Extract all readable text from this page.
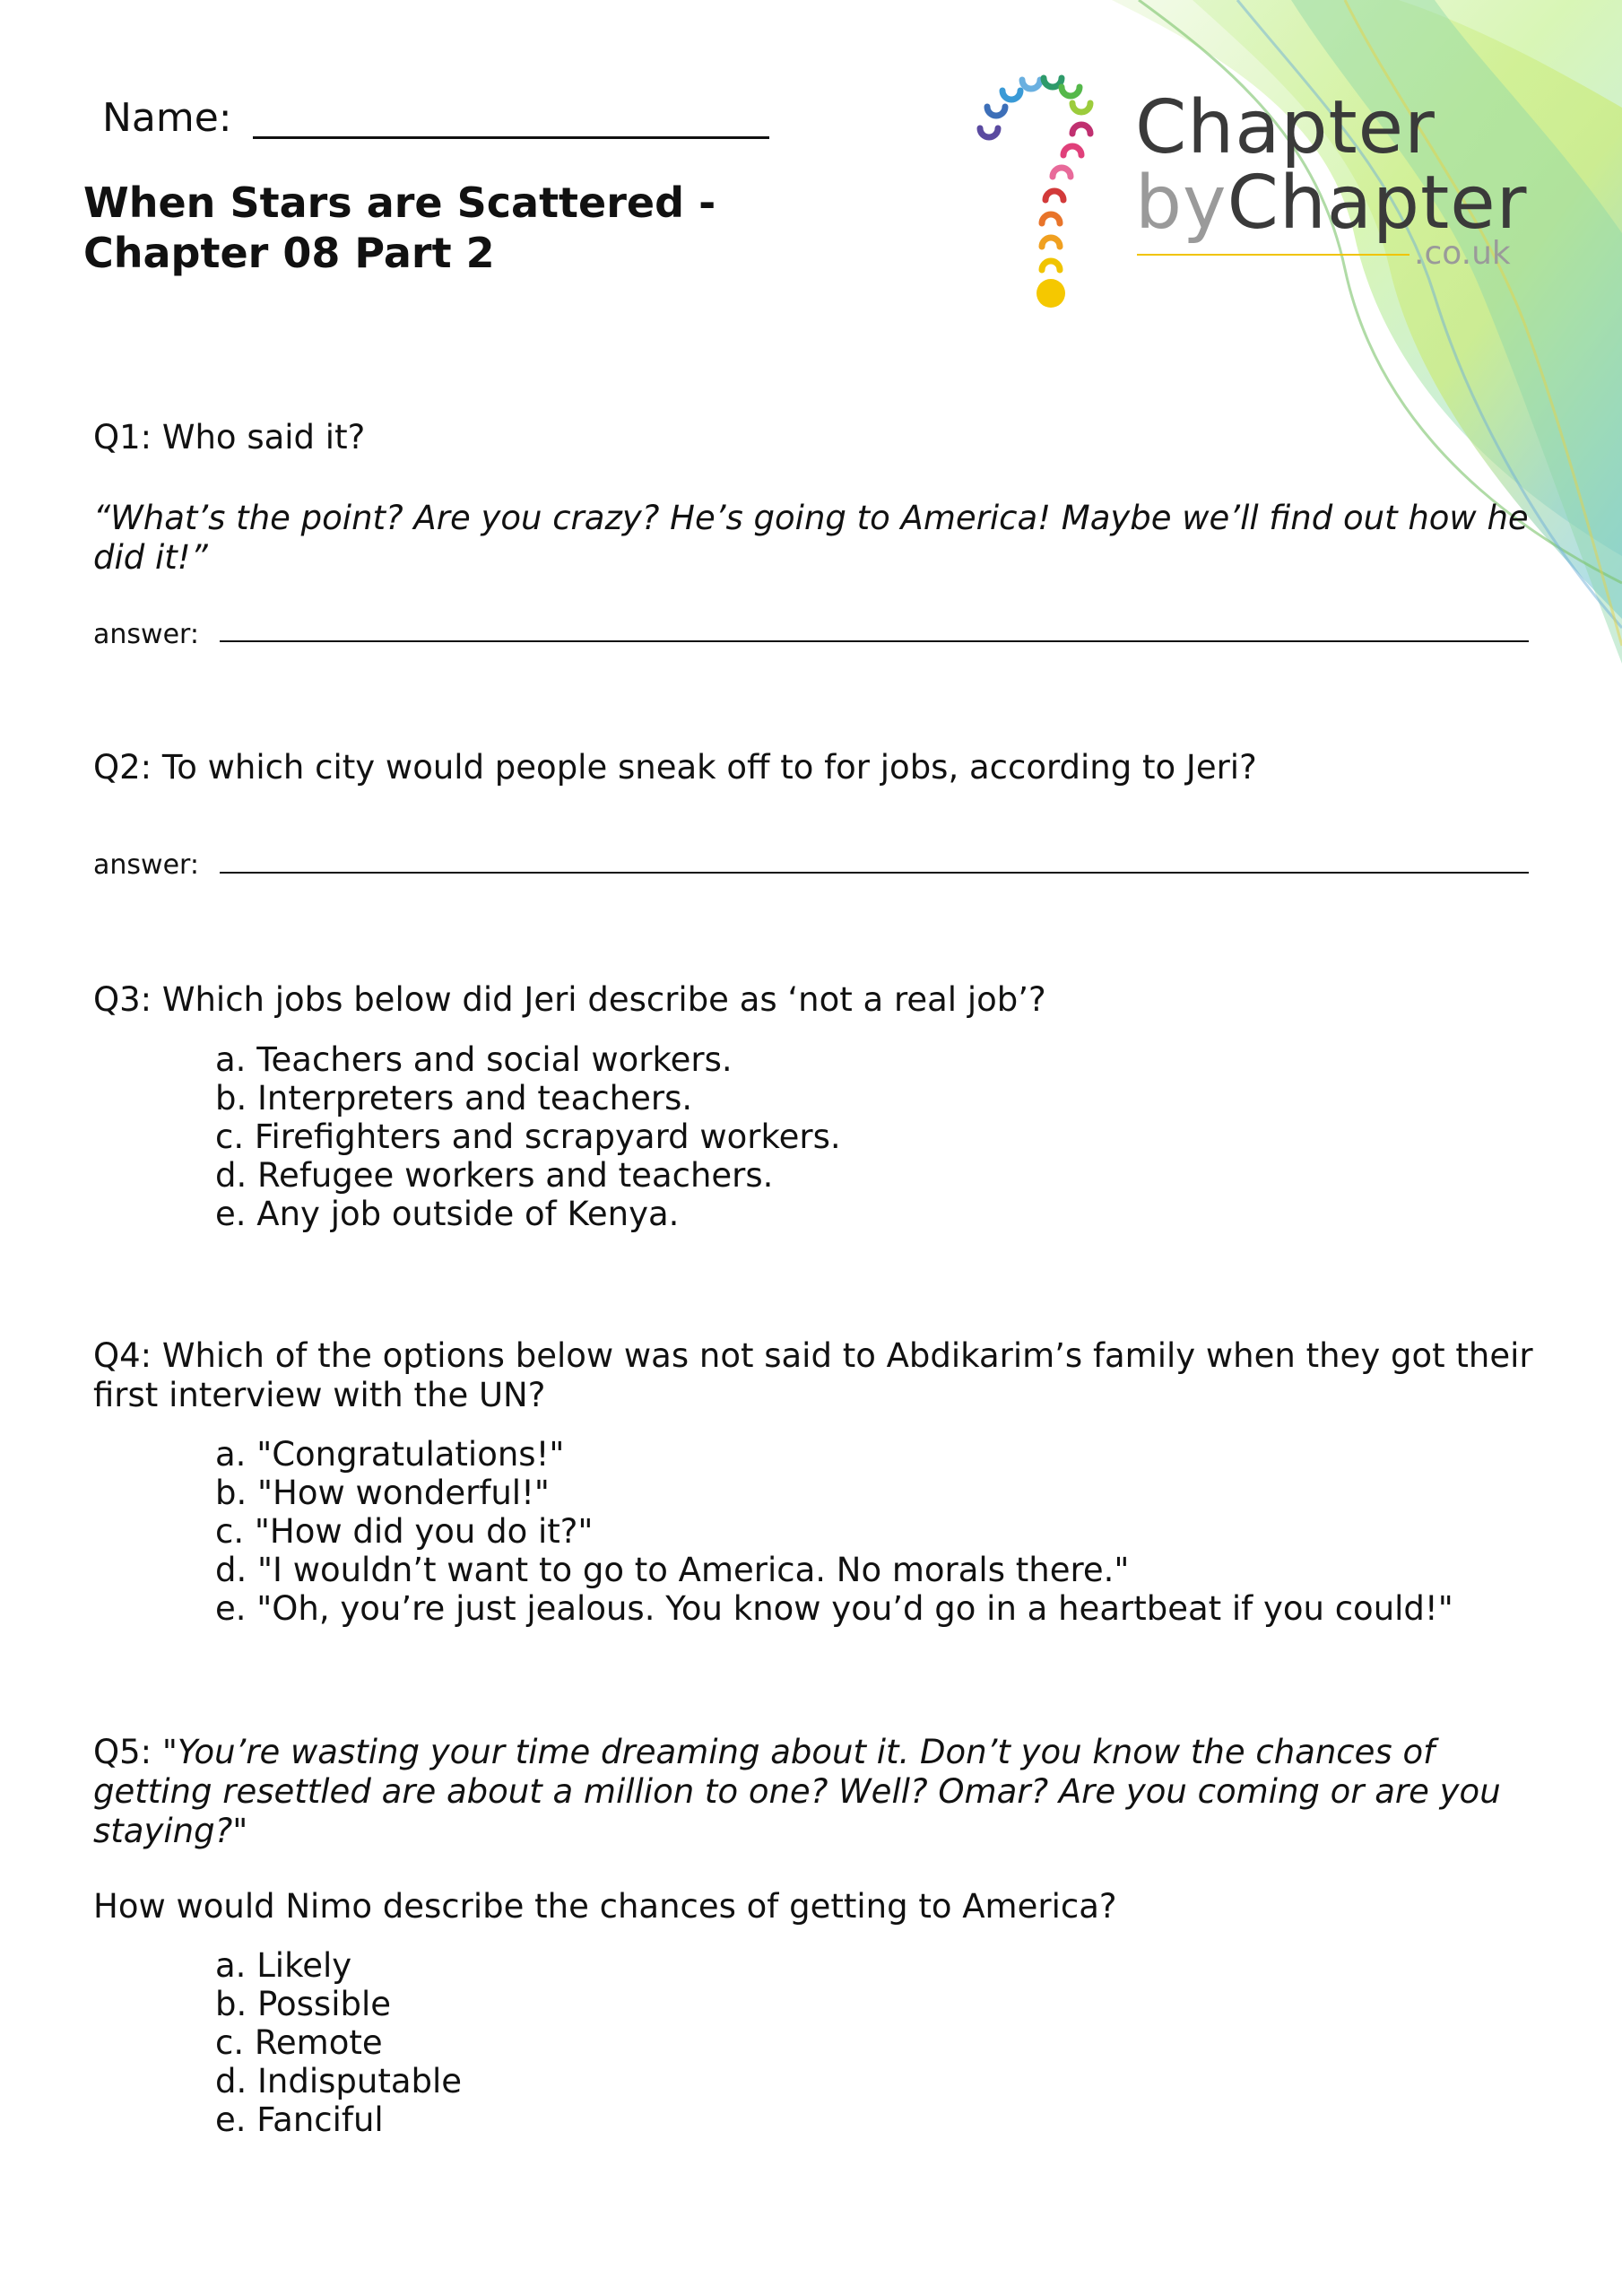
Chapter
byChapter
.co.uk
Name:
When Stars are Scattered -
Chapter 08 Part 2
Q1: Who said it?
“What’s the point? Are you crazy? He’s going to America! Maybe we’ll find out how he
did it!”
answer:
Q2: To which city would people sneak off to for jobs, according to Jeri?
answer:
Q3: Which jobs below did Jeri describe as ‘not a real job’?
a. Teachers and social workers.
b. Interpreters and teachers.
c. Firefighters and scrapyard workers.
d. Refugee workers and teachers.
e. Any job outside of Kenya.
Q4: Which of the options below was not said to Abdikarim’s family when they got their
first interview with the UN?
a. "Congratulations!"
b. "How wonderful!"
c. "How did you do it?"
d. "I wouldn’t want to go to America. No morals there."
e. "Oh, you’re just jealous. You know you’d go in a heartbeat if you could!"
Q5: "You’re wasting your time dreaming about it. Don’t you know the chances of
getting resettled are about a million to one? Well? Omar? Are you coming or are you
staying?"
How would Nimo describe the chances of getting to America?
a. Likely
b. Possible
c. Remote
d. Indisputable
e. Fanciful
